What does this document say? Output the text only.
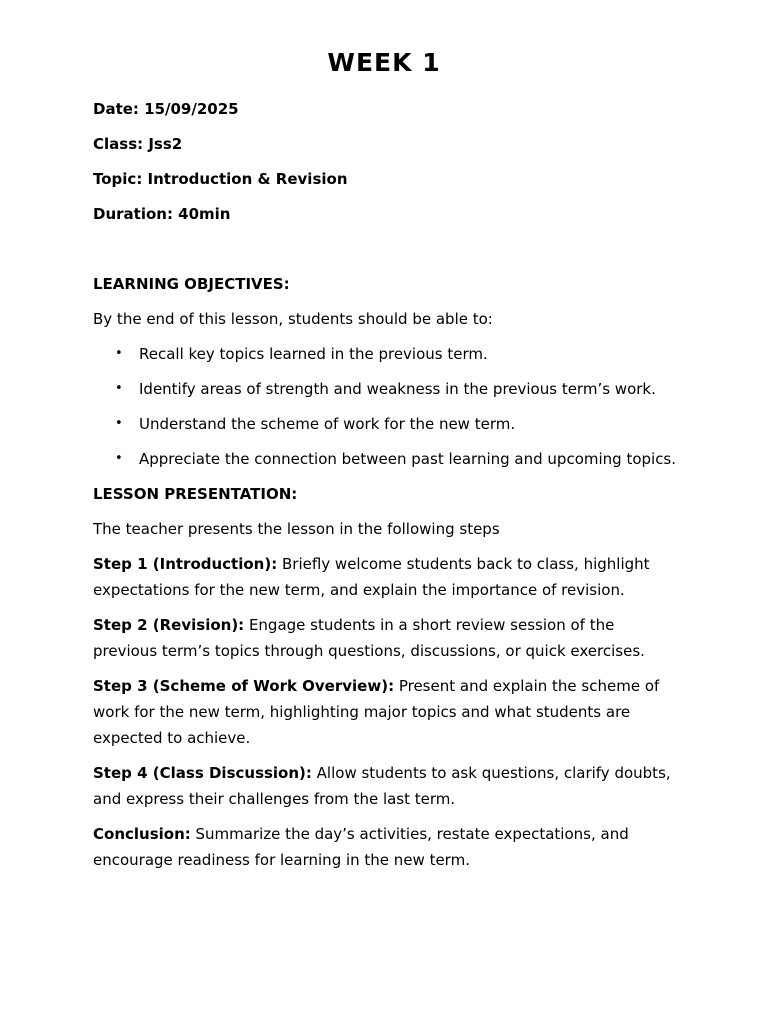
WEEK 1

Date: 15/09/2025

Class: Jss2

Topic: Introduction & Revision

Duration: 40min

LEARNING OBJECTIVES:

By the end of this lesson, students should be able to:

• Recall key topics learned in the previous term.
• Identify areas of strength and weakness in the previous term’s work.
• Understand the scheme of work for the new term.
• Appreciate the connection between past learning and upcoming topics.

LESSON PRESENTATION:

The teacher presents the lesson in the following steps

Step 1 (Introduction): Briefly welcome students back to class, highlight expectations for the new term, and explain the importance of revision.

Step 2 (Revision): Engage students in a short review session of the previous term’s topics through questions, discussions, or quick exercises.

Step 3 (Scheme of Work Overview): Present and explain the scheme of work for the new term, highlighting major topics and what students are expected to achieve.

Step 4 (Class Discussion): Allow students to ask questions, clarify doubts, and express their challenges from the last term.

Conclusion: Summarize the day’s activities, restate expectations, and encourage readiness for learning in the new term.
